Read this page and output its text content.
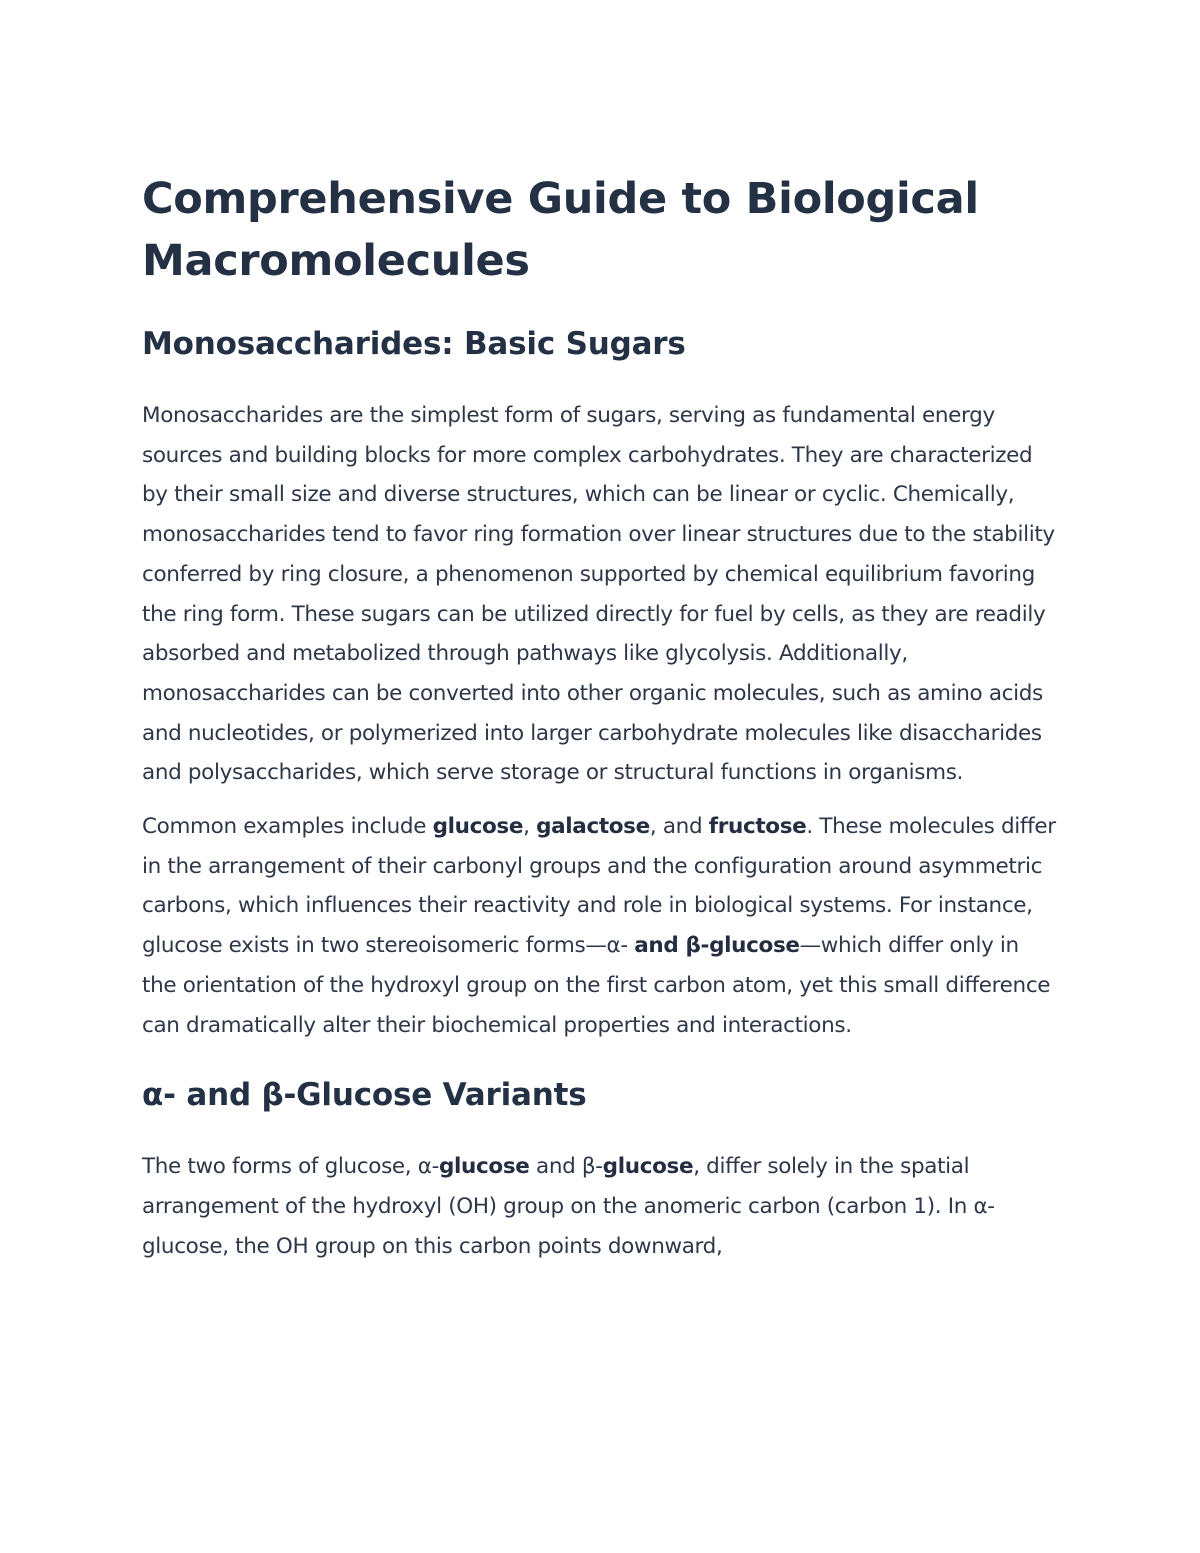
Comprehensive Guide to Biological Macromolecules
Monosaccharides: Basic Sugars

Monosaccharides are the simplest form of sugars, serving as fundamental energy sources and building blocks for more complex carbohydrates. They are characterized by their small size and diverse structures, which can be linear or cyclic. Chemically, monosaccharides tend to favor ring formation over linear structures due to the stability conferred by ring closure, a phenomenon supported by chemical equilibrium favoring the ring form. These sugars can be utilized directly for fuel by cells, as they are readily absorbed and metabolized through pathways like glycolysis. Additionally, monosaccharides can be converted into other organic molecules, such as amino acids and nucleotides, or polymerized into larger carbohydrate molecules like disaccharides and polysaccharides, which serve storage or structural functions in organisms.

Common examples include glucose, galactose, and fructose. These molecules differ in the arrangement of their carbonyl groups and the configuration around asymmetric carbons, which influences their reactivity and role in biological systems. For instance, glucose exists in two stereoisomeric forms—α- and β-glucose—which differ only in the orientation of the hydroxyl group on the first carbon atom, yet this small difference can dramatically alter their biochemical properties and interactions.

α- and β-Glucose Variants

The two forms of glucose, α-glucose and β-glucose, differ solely in the spatial arrangement of the hydroxyl (OH) group on the anomeric carbon (carbon 1). In α-glucose, the OH group on this carbon points downward,
